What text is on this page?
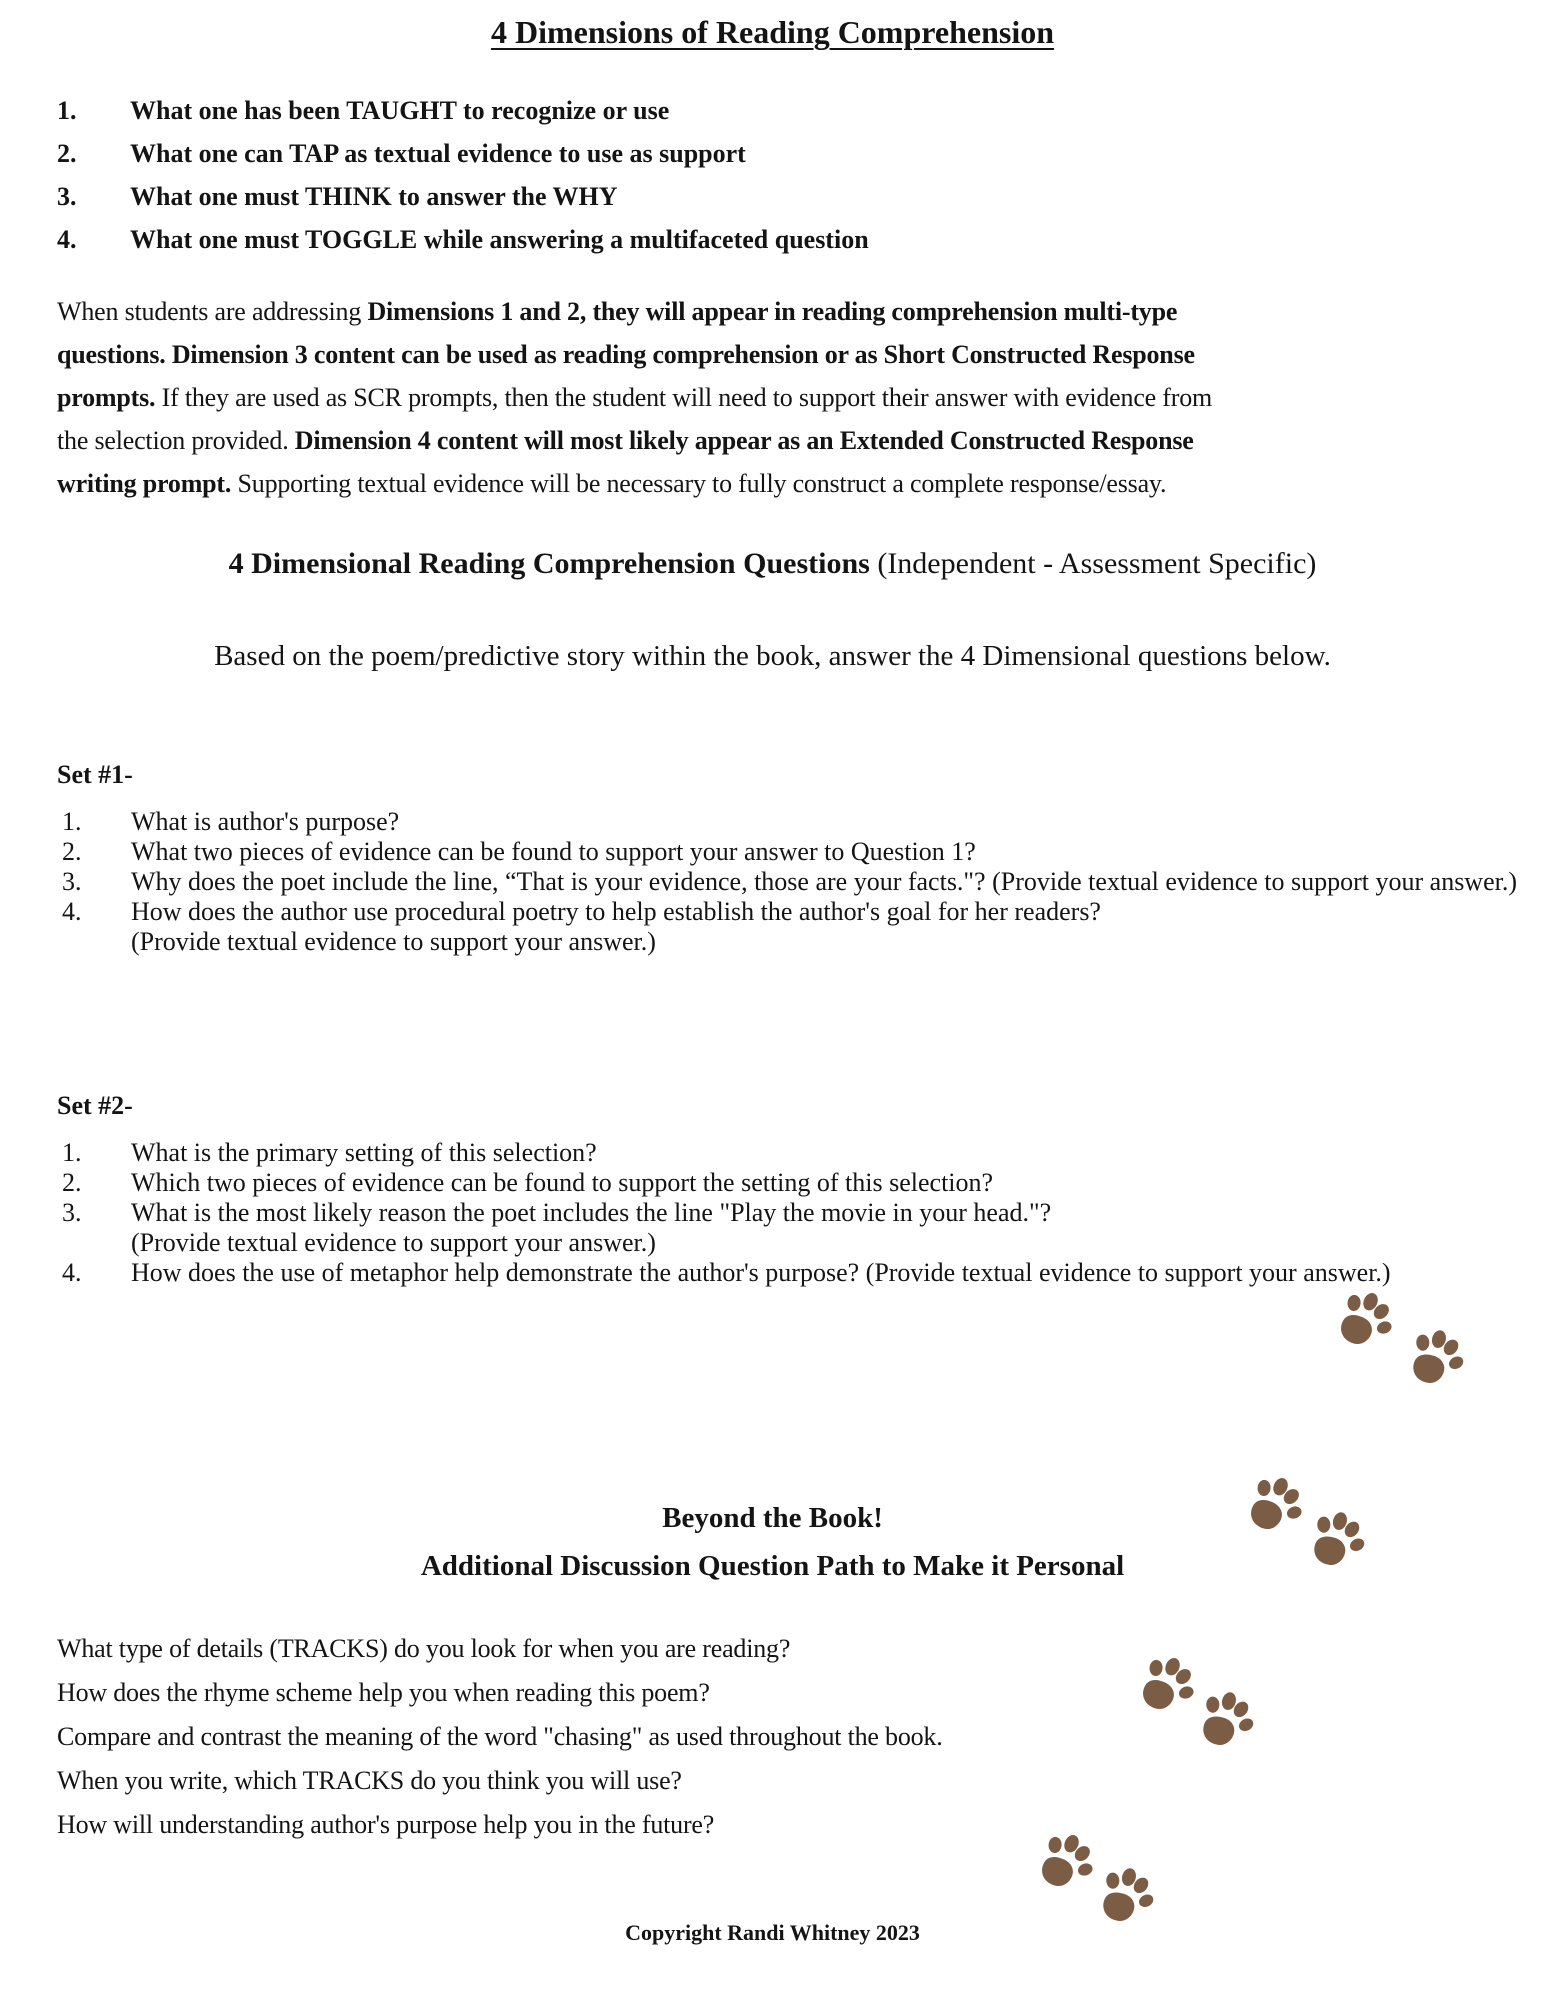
4 Dimensions of Reading Comprehension
1.	What one has been TAUGHT to recognize or use
2.	What one can TAP as textual evidence to use as support
3.	What one must THINK to answer the WHY
4.	What one must TOGGLE while answering a multifaceted question
When students are addressing Dimensions 1 and 2, they will appear in reading comprehension multi-type
questions. Dimension 3 content can be used as reading comprehension or as Short Constructed Response
prompts. If they are used as SCR prompts, then the student will need to support their answer with evidence from
the selection provided. Dimension 4 content will most likely appear as an Extended Constructed Response
writing prompt. Supporting textual evidence will be necessary to fully construct a complete response/essay.
4 Dimensional Reading Comprehension Questions (Independent - Assessment Specific)
Based on the poem/predictive story within the book, answer the 4 Dimensional questions below.
Set #1-
1.	What is author's purpose?
2.	What two pieces of evidence can be found to support your answer to Question 1?
3.	Why does the poet include the line, “That is your evidence, those are your facts."? (Provide textual evidence to support your answer.)
4.	How does the author use procedural poetry to help establish the author's goal for her readers? (Provide textual evidence to support your answer.)
Set #2-
1.	What is the primary setting of this selection?
2.	Which two pieces of evidence can be found to support the setting of this selection?
3.	What is the most likely reason the poet includes the line "Play the movie in your head."? (Provide textual evidence to support your answer.)
4.	How does the use of metaphor help demonstrate the author's purpose? (Provide textual evidence to support your answer.)
Beyond the Book!
Additional Discussion Question Path to Make it Personal
What type of details (TRACKS) do you look for when you are reading?
How does the rhyme scheme help you when reading this poem?
Compare and contrast the meaning of the word "chasing" as used throughout the book.
When you write, which TRACKS do you think you will use?
How will understanding author's purpose help you in the future?
Copyright Randi Whitney 2023
